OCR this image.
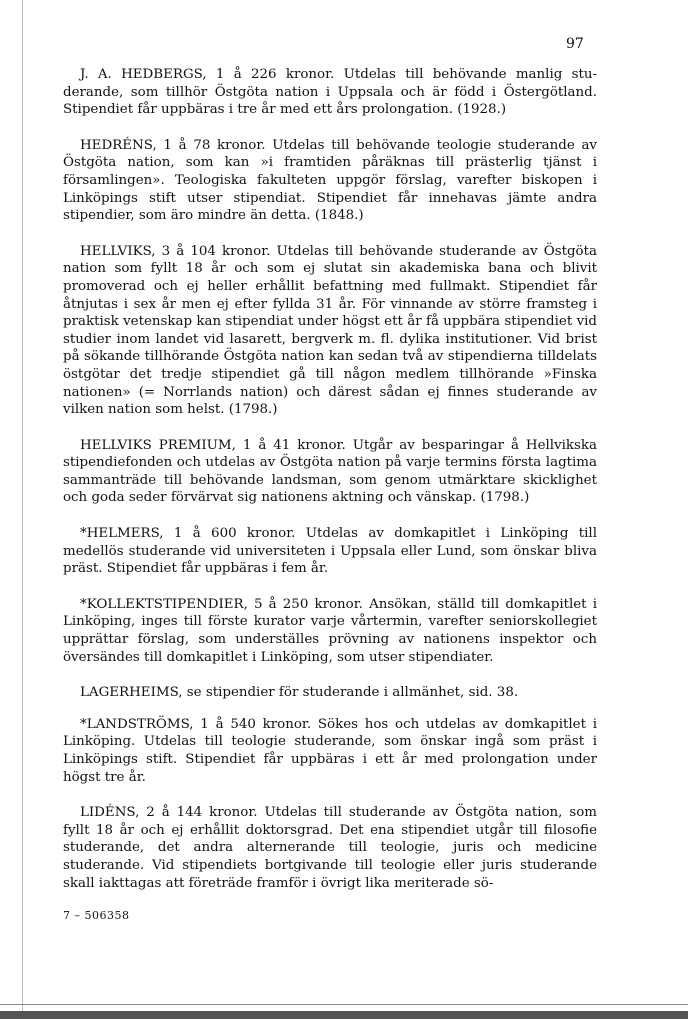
97

J. A. HEDBERGS, 1 å 226 kronor. Utdelas till behövande manlig studerande, som tillhör Östgöta nation i Uppsala och är född i Östergötland. Stipendiet får uppbäras i tre år med ett års prolongation. (1928.)

HEDRÉNS, 1 å 78 kronor. Utdelas till behövande teologie studerande av Östgöta nation, som kan »i framtiden påräknas till prästerlig tjänst i församlingen». Teologiska fakulteten uppgör förslag, varefter biskopen i Linköpings stift utser stipendiat. Stipendiet får innehavas jämte andra stipendier, som äro mindre än detta. (1848.)

HELLVIKS, 3 å 104 kronor. Utdelas till behövande studerande av Östgöta nation som fyllt 18 år och som ej slutat sin akademiska bana och blivit promoverad och ej heller erhållit befattning med fullmakt. Stipendiet får åtnjutas i sex år men ej efter fyllda 31 år. För vinnande av större framsteg i praktisk vetenskap kan stipendiat under högst ett år få uppbära stipendiet vid studier inom landet vid lasarett, bergverk m. fl. dylika institutioner. Vid brist på sökande tillhörande Östgöta nation kan sedan två av stipendierna tilldelats östgötar det tredje stipendiet gå till någon medlem tillhörande »Finska nationen» (= Norrlands nation) och därest sådan ej finnes studerande av vilken nation som helst. (1798.)

HELLVIKS PREMIUM, 1 å 41 kronor. Utgår av besparingar å Hellvikska stipendiefonden och utdelas av Östgöta nation på varje termins första lagtima sammanträde till behövande landsman, som genom utmärktare skicklighet och goda seder förvärvat sig nationens aktning och vänskap. (1798.)

*HELMERS, 1 å 600 kronor. Utdelas av domkapitlet i Linköping till medellös studerande vid universiteten i Uppsala eller Lund, som önskar bliva präst. Stipendiet får uppbäras i fem år.

*KOLLEKTSTIPENDIER, 5 å 250 kronor. Ansökan, ställd till domkapitlet i Linköping, inges till förste kurator varje vårtermin, varefter seniorskollegiet upprättar förslag, som underställes prövning av nationens inspektor och översändes till domkapitlet i Linköping, som utser stipendiater.

LAGERHEIMS, se stipendier för studerande i allmänhet, sid. 38.

*LANDSTRÖMS, 1 å 540 kronor. Sökes hos och utdelas av domkapitlet i Linköping. Utdelas till teologie studerande, som önskar ingå som präst i Linköpings stift. Stipendiet får uppbäras i ett år med prolongation under högst tre år.

LIDÉNS, 2 å 144 kronor. Utdelas till studerande av Östgöta nation, som fyllt 18 år och ej erhållit doktorsgrad. Det ena stipendiet utgår till filosofie studerande, det andra alternerande till teologie, juris och medicine studerande. Vid stipendiets bortgivande till teologie eller juris studerande skall iakttagas att företräde framför i övrigt lika meriterade sö-

7 – 506358
